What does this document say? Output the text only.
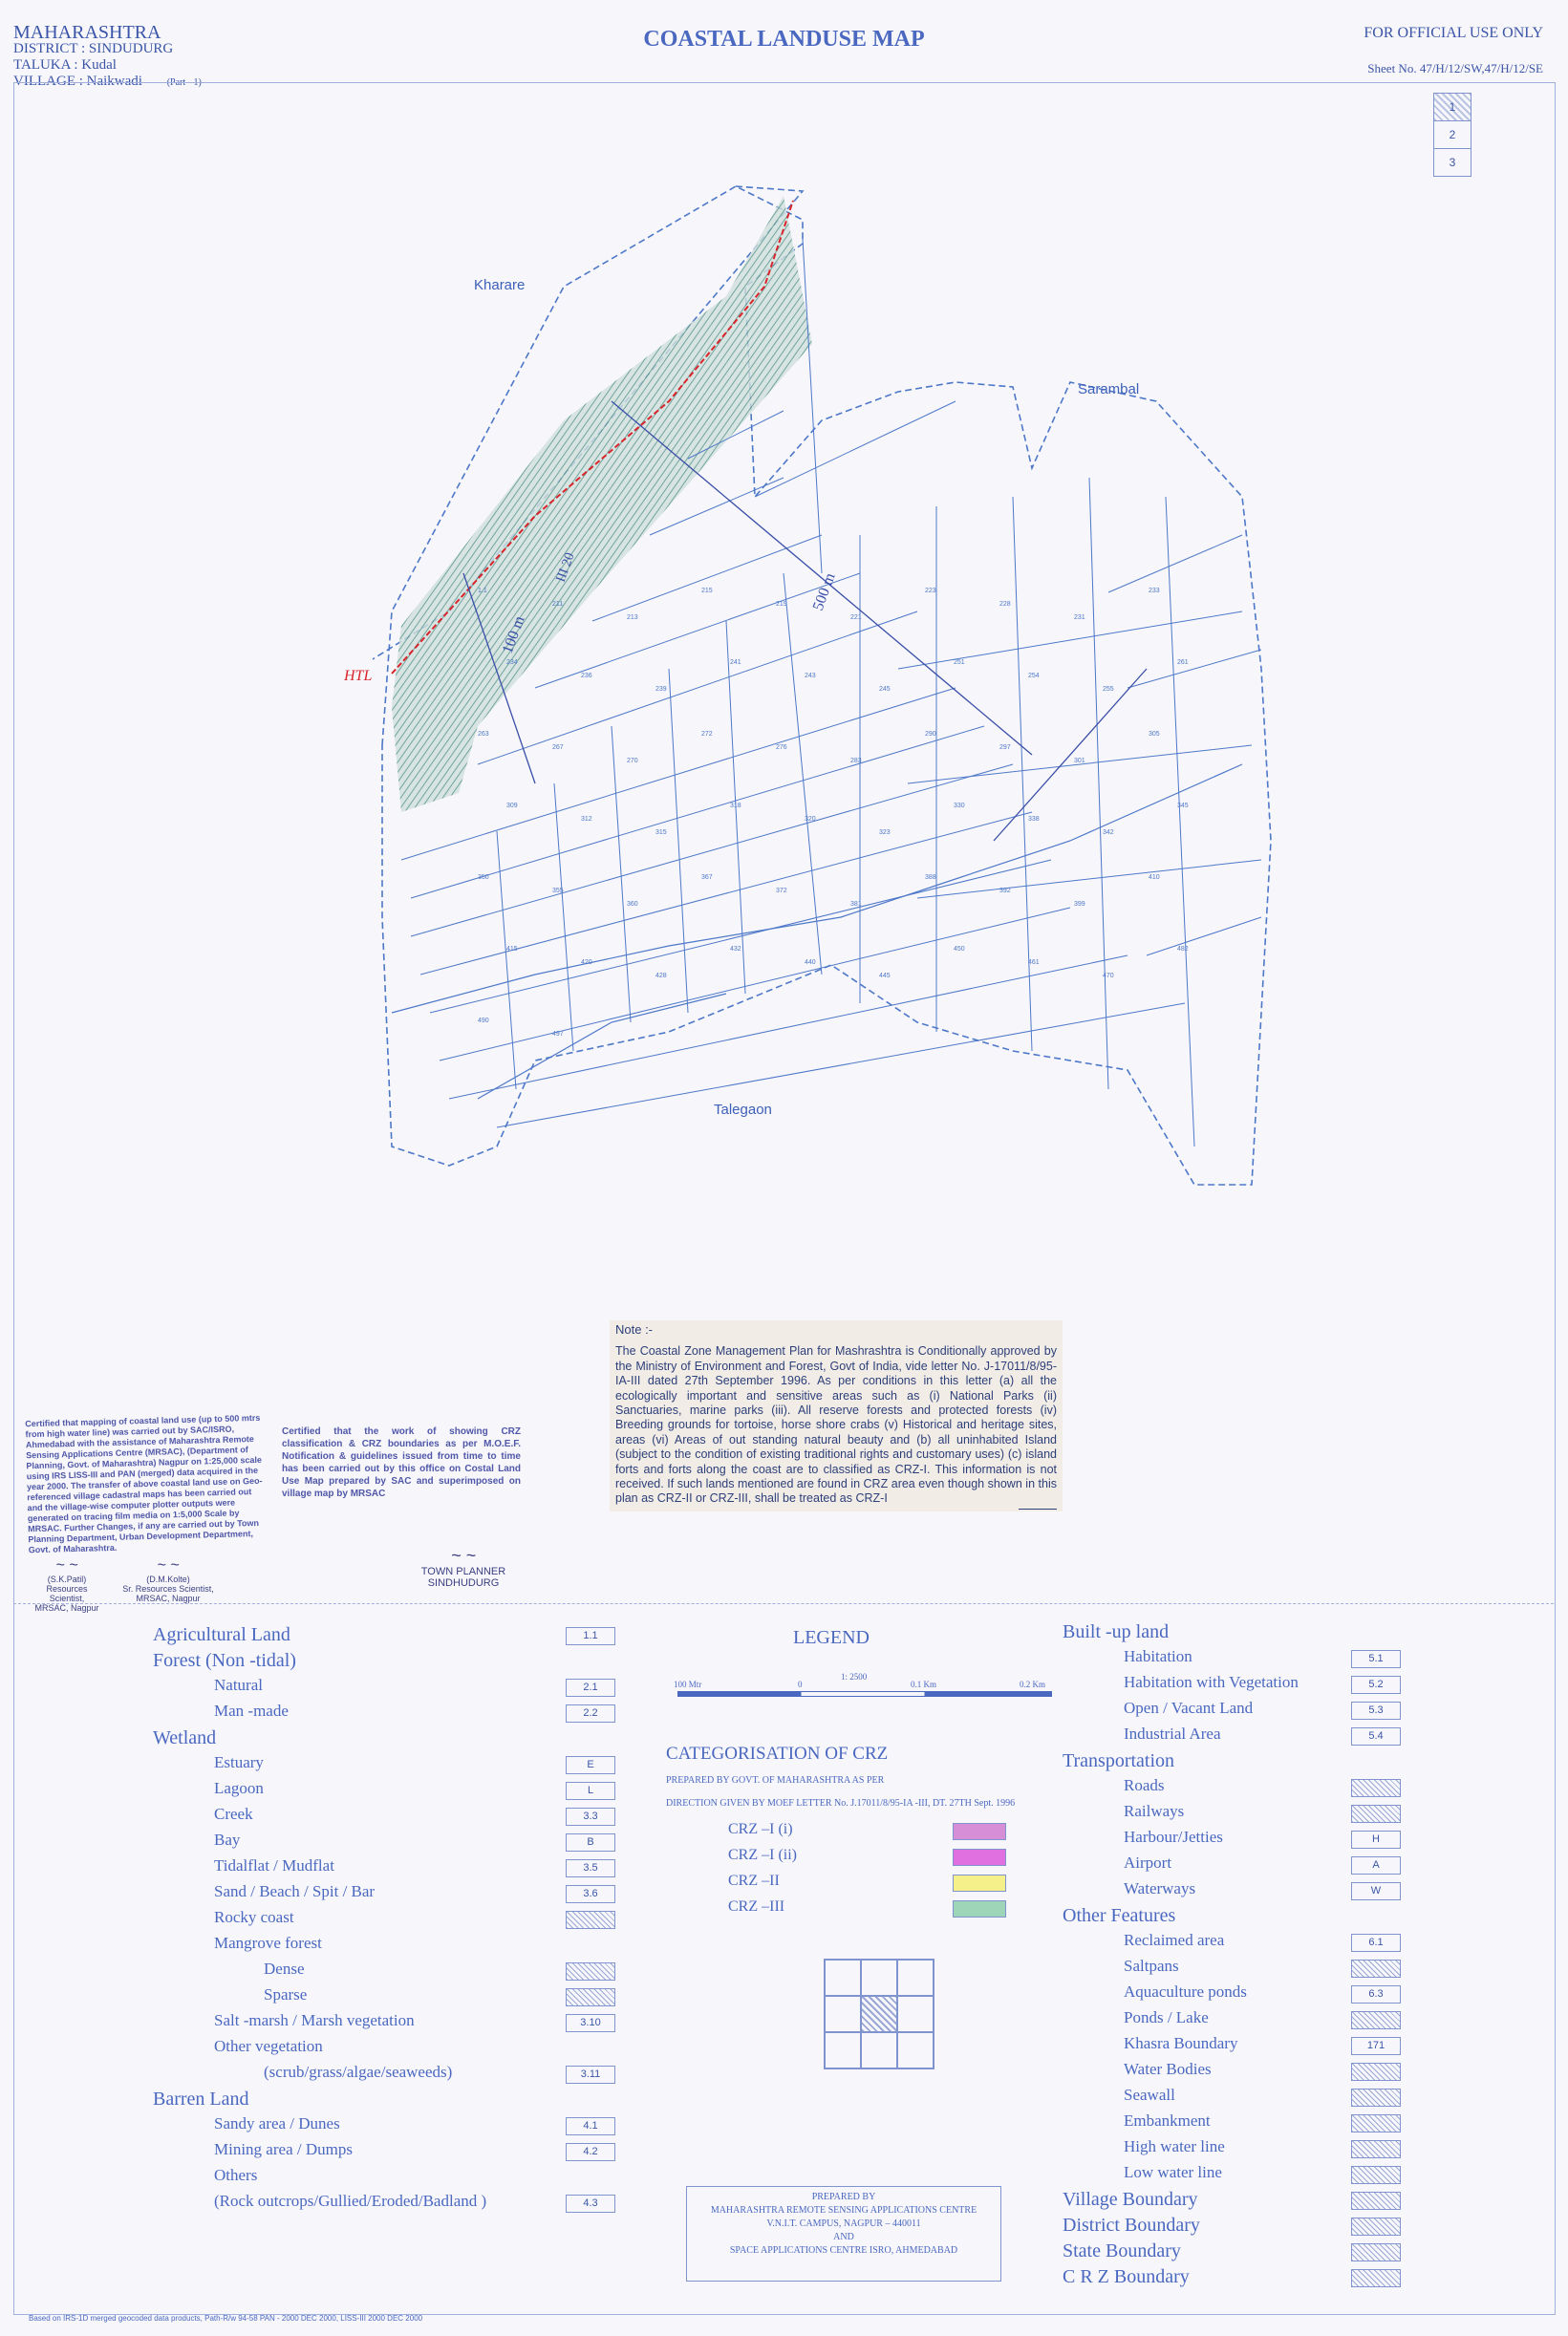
MAHARASHTRA
DISTRICT : SINDUDURG
TALUKA : Kudal
VILLAGE : Naikwadi	(Part - 1)
COASTAL LANDUSE MAP	FOR OFFICIAL USE ONLY
Sheet No. 47/H/12/SW,47/H/12/SE
1
2
3
HTL
500 m
100 m
III 20
Kharare
Sarambal
Talegaon
1.1
211
213
215
219
221
223
228
231
233
234
236
239
241
243
245
251
254
255
261
263
267
270
272
276
283
290
297
301
305
309
312
315
318
320
323
330
338
342
345
350
355
360
367
372
381
388
392
399
410
415
420
428
432
440
445
450
461
470
482
490
497
Note :-
The Coastal Zone Management Plan for Mashrashtra is Conditionally approved by the Ministry of Environment and Forest, Govt of India, vide letter No. J-17011/8/95-IA-III dated 27th September 1996. As per conditions in this letter (a) all the ecologically important and sensitive areas such as (i) National Parks (ii) Sanctuaries, marine parks (iii). All reserve forests and protected forests (iv) Breeding grounds for tortoise, horse shore crabs (v) Historical and heritage sites, areas (vi) Areas of out standing natural beauty and (b) all uninhabited Island (subject to the condition of existing traditional rights and customary uses) (c) island forts and forts along the coast are to classified as CRZ-I. This information is not received. If such lands mentioned are found in CRZ area even though shown in this plan as CRZ-II or CRZ-III, shall be treated as CRZ-I
Certified that mapping of coastal land use (up to 500 mtrs from high water line) was carried out by SAC/ISRO, Ahmedabad with the assistance of Maharashtra Remote Sensing Applications Centre (MRSAC), (Department of Planning, Govt. of Maharashtra) Nagpur on 1:25,000 scale using IRS LISS-III and PAN (merged) data acquired in the year 2000. The transfer of above coastal land use on Geo-referenced village cadastral maps has been carried out and the village-wise computer plotter outputs were generated on tracing film media on 1:5,000 Scale by MRSAC. Further Changes, if any are carried out by Town Planning Department, Urban Development Department, Govt. of Maharashtra.
Certified that the work of showing CRZ classification & CRZ boundaries as per M.O.E.F. Notification & guidelines issued from time to time has been carried out by this office on Costal Land Use Map prepared by SAC and superimposed on village map by MRSAC
~ ~
(S.K.Patil)
Resources Scientist,
MRSAC, Nagpur
~ ~
(D.M.Kolte)
Sr. Resources Scientist,
MRSAC, Nagpur
~ ~
TOWN PLANNER
SINDHUDURG
Agricultural Land	1.1
Forest (Non -tidal)
Natural	2.1
Man -made	2.2
Wetland
Estuary	E
Lagoon	L
Creek	3.3
Bay	B
Tidalflat / Mudflat	3.5
Sand / Beach / Spit / Bar	3.6
Rocky coast
Mangrove forest
Dense
Sparse
Salt -marsh / Marsh vegetation	3.10
Other vegetation
(scrub/grass/algae/seaweeds)	3.11
Barren Land
Sandy area / Dunes	4.1
Mining area / Dumps	4.2
Others
(Rock outcrops/Gullied/Eroded/Badland )	4.3
LEGEND
100 Mtr	0
1: 2500
0.1 Km	0.2 Km
CATEGORISATION OF CRZ
PREPARED BY GOVT. OF MAHARASHTRA AS PER
DIRECTION GIVEN BY MOEF LETTER No. J.17011/8/95-IA -III, DT. 27TH Sept. 1996
CRZ –I (i)
CRZ –I (ii)
CRZ –II
CRZ –III
PREPARED BY
MAHARASHTRA REMOTE SENSING APPLICATIONS CENTRE
V.N.I.T. CAMPUS, NAGPUR – 440011
AND
SPACE APPLICATIONS CENTRE ISRO, AHMEDABAD
Built -up land
Habitation	5.1
Habitation with Vegetation	5.2
Open / Vacant Land	5.3
Industrial Area	5.4
Transportation
Roads
Railways
Harbour/Jetties	H
Airport	A
Waterways	W
Other Features
Reclaimed area	6.1
Saltpans
Aquaculture ponds	6.3
Ponds / Lake
Khasra Boundary	171
Water Bodies
Seawall
Embankment
High water line
Low water line
Village Boundary
District Boundary
State Boundary
C R Z Boundary
Based on IRS-1D merged geocoded data products, Path-R/w 94-58 PAN - 2000 DEC 2000, LISS-III 2000 DEC 2000
